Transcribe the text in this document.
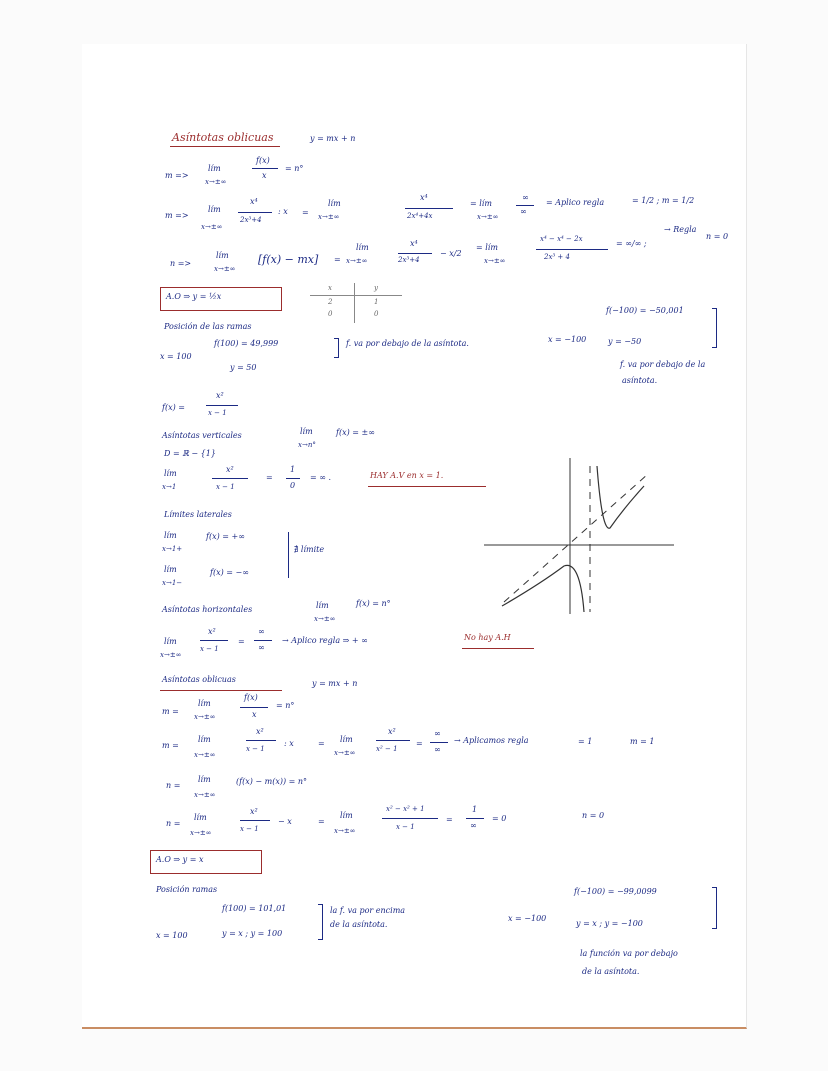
Asíntotas oblicuas	y = mx + n
m =>
lím
x→±∞
f(x)
x
= n°
m =>
lím
x→±∞
x⁴
2x³+4
: x =
lím
x→±∞
x⁴
2x⁴+4x
= lím
x→±∞
∞
∞
= Aplico regla	= 1/2 ; m = 1/2
n =>
lím
x→±∞
[f(x) − mx] =
lím
x→±∞
x⁴
2x³+4
− x/2
= lím
x→±∞
x⁴ − x⁴ − 2x
2x³ + 4
= ∞/∞ ;
→ Regla
n = 0
A.O ⇒ y = ½x
x	y
2	1
0	0
Posición de las ramas
x = 100
f(100) = 49,999
y = 50
f. va por debajo de la asíntota.	x = −100
f(−100) = −50,001
y = −50
f. va por debajo de la
asíntota.
f(x) =
x²
x − 1
Asíntotas verticales	lím
x→n°
f(x) = ±∞
D = ℝ − {1}
lím
x→1
x²
x − 1
=
1
0
= ∞ .	HAY A.V en x = 1.
Límites laterales
lím
x→1+
f(x) = +∞
lím
x→1−
f(x) = −∞
∄ límite
Asíntotas horizontales	lím
x→±∞
f(x) = n°
lím
x→±∞
x²
x − 1
=
∞
∞
→ Aplico regla ⇒ + ∞	No hay A.H
Asíntotas oblicuas	y = mx + n
m =
lím
x→±∞
f(x)
x
= n°
m =
lím
x→±∞
x²
x − 1
: x	= lím
x→±∞
x²
x² − 1
=
∞
∞
→ Aplicamos regla	= 1	m = 1
n =
lím
x→±∞
(f(x) − m(x)) = n°
n =
lím
x→±∞
x²
x − 1
− x	=
lím
x→±∞
x² − x² + 1
x − 1
=
1
∞
= 0	n = 0
A.O ⇒ y = x
Posición ramas
x = 100
f(100) = 101,01
y = x ; y = 100
la f. va por encima
de la asíntota.
x = −100
f(−100) = −99,0099
y = x ; y = −100
la función va por debajo
de la asíntota.
